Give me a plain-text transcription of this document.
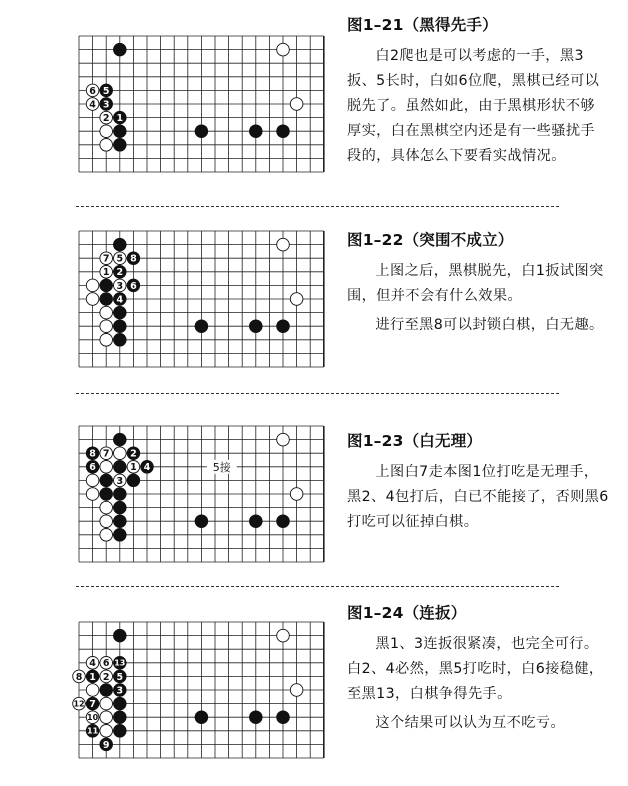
6 5
4 3
2 1
图1–21（黑得先手）

白2爬也是可以考虑的一手，黑3扳、5长时，白如6位爬，黑棋已经可以脱先了。虽然如此，由于黑棋形状不够厚实，白在黑棋空内还是有一些骚扰手段的，具体怎么下要看实战情况。

7 5 8
1 2
3 6
4
图1–22（突围不成立）

上图之后，黑棋脱先，白1扳试图突围，但并不会有什么效果。

进行至黑8可以封锁白棋，白无趣。

5接
8 7 2
6	1 4
3
图1–23（白无理）

上图白7走本图1位打吃是无理手，黑2、4包打后，白已不能接了，否则黑6打吃可以征掉白棋。

4 6 13
8 1 2 5
3
12 7
10
11
9
图1–24（连扳）

黑1、3连扳很紧凑，也完全可行。白2、4必然，黑5打吃时，白6接稳健，至黑13，白棋争得先手。

这个结果可以认为互不吃亏。
